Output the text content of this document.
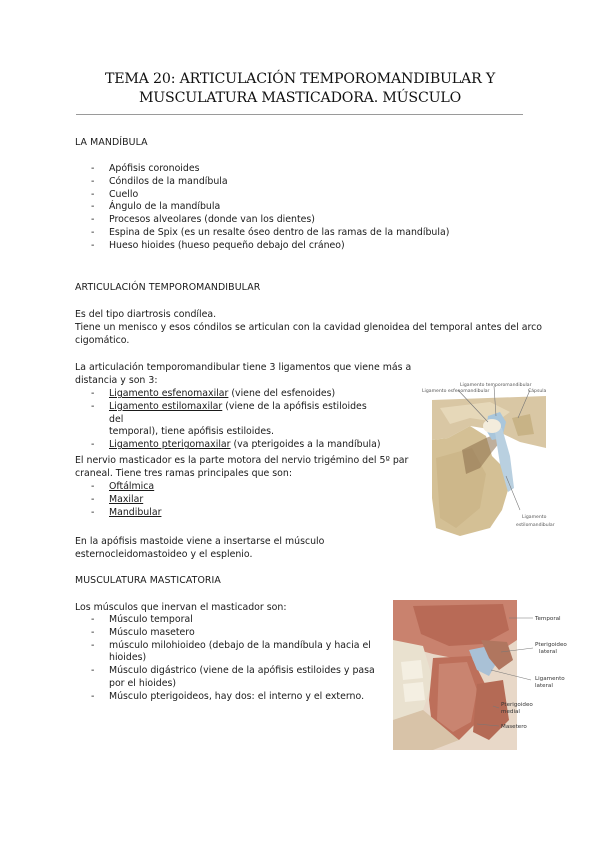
TEMA 20: ARTICULACIÓN TEMPOROMANDIBULAR Y
MUSCULATURA MASTICADORA. MÚSCULO
LA MANDÍBULA
- Apófisis coronoides
- Cóndilos de la mandíbula
- Cuello
- Ángulo de la mandíbula
- Procesos alveolares (donde van los dientes)
- Espina de Spix (es un resalte óseo dentro de las ramas de la mandíbula)
- Hueso hioides (hueso pequeño debajo del cráneo)
ARTICULACIÓN TEMPOROMANDIBULAR
Es del tipo diartrosis condílea.
Tiene un menisco y esos cóndilos se articulan con la cavidad glenoidea del temporal antes del arco
cigomático.
La articulación temporomandibular tiene 3 ligamentos que viene más a
distancia y son 3:
- Ligamento esfenomaxilar (viene del esfenoides)
- Ligamento estilomaxilar (viene de la apófisis estiloides del
temporal), tiene apófisis estiloides.
- Ligamento pterigomaxilar (va pterigoides a la mandíbula)
El nervio masticador es la parte motora del nervio trigémino del 5º par
craneal. Tiene tres ramas principales que son:
- Oftálmica
- Maxilar
- Mandibular
En la apófisis mastoide viene a insertarse el músculo
esternocleidomastoideo y el esplenio.
Ligamento temporomandibular
Ligamento esfenomandibular	Cápsula
Ligamento
estilomandibular
MUSCULATURA MASTICATORIA
Los músculos que inervan el masticador son:
- Músculo temporal
- Músculo masetero
- músculo milohioideo (debajo de la mandíbula y hacia el
hioides)
- Músculo digástrico (viene de la apófisis estiloides y pasa
por el hioides)
- Músculo pterigoideos, hay dos: el interno y el externo.
Temporal
Pterigoideo
lateral
Ligamento
lateral
Pterigoideo
medial
Masetero
